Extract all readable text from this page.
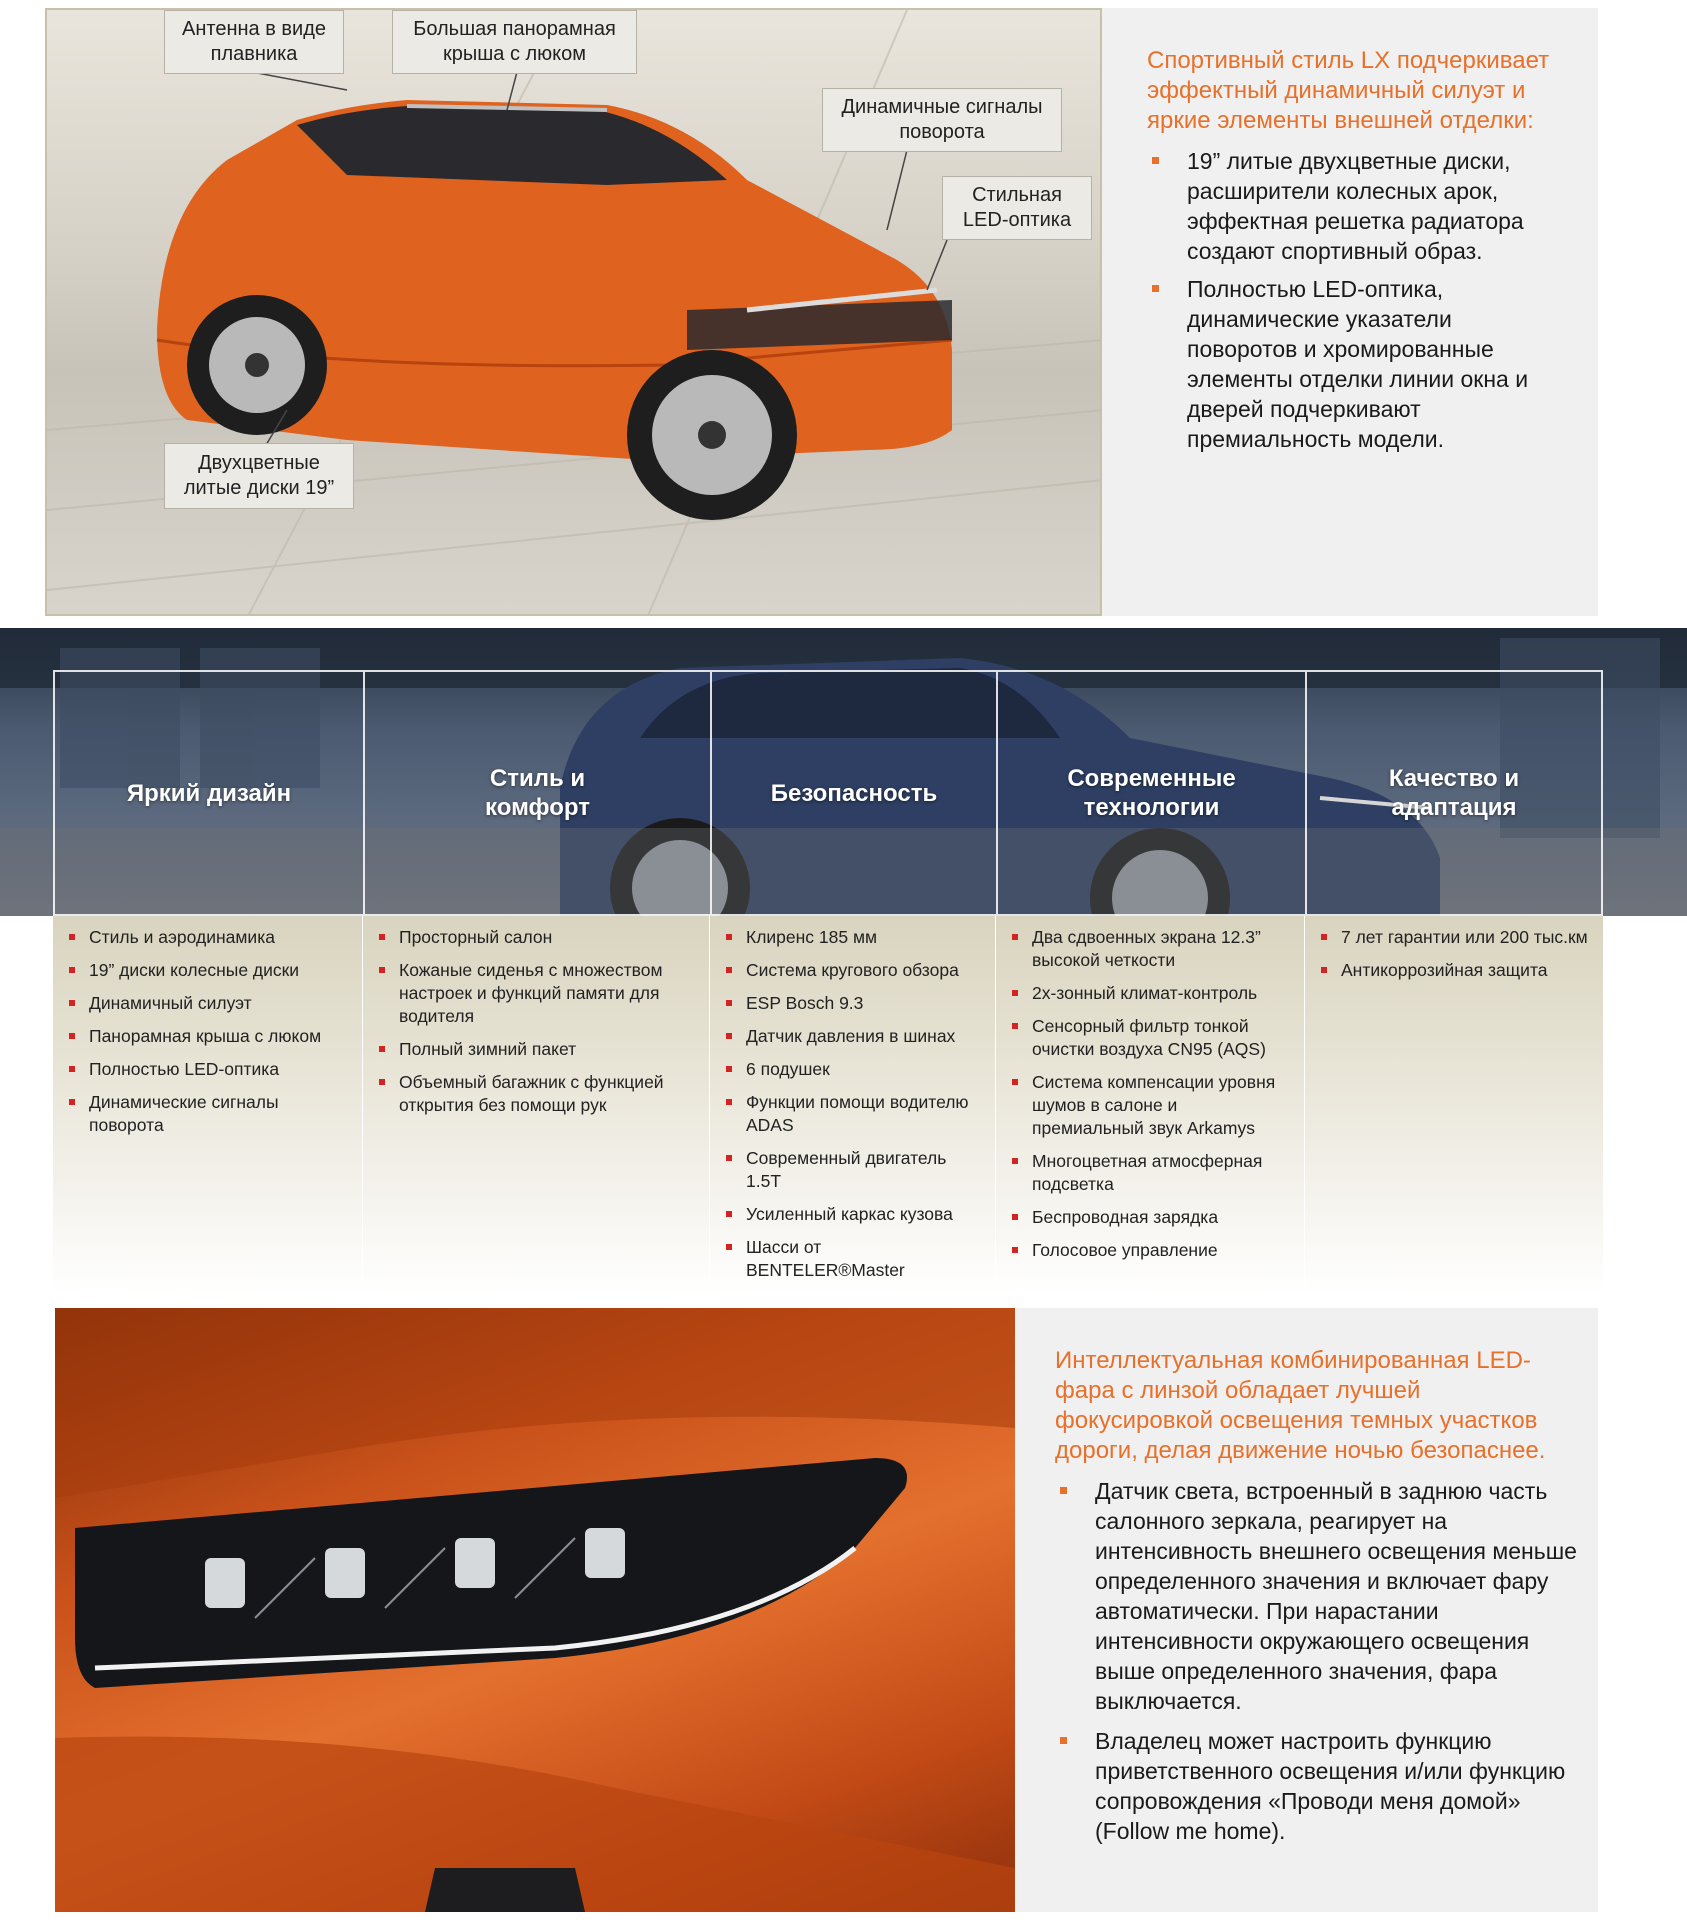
Антенна в виде плавника
Большая панорамная крыша с люком
Динамичные сигналы поворота
Стильная LED-оптика
Двухцветные литые диски 19”

Спортивный стиль LX подчеркивает эффектный динамичный силуэт и яркие элементы внешней отделки:

19” литые двухцветные диски, расширители колесных арок, эффектная решетка радиатора создают спортивный образ.
Полностью LED-оптика, динамические указатели поворотов и хромированные элементы отделки линии окна и дверей подчеркивают премиальность модели.
Яркий дизайн
Стиль и комфорт
Безопасность
Современные технологии
Качество и адаптация
Стиль и аэродинамика
19” диски колесные диски
Динамичный силуэт
Панорамная крыша с люком
Полностью LED-оптика
Динамические сигналы поворота
Просторный салон
Кожаные сиденья с множеством настроек и функций памяти для водителя
Полный зимний пакет
Объемный багажник с функцией открытия без помощи рук
Клиренс 185 мм
Система кругового обзора
ESP Bosch 9.3
Датчик давления в шинах
6 подушек
Функции помощи водителю ADAS
Современный двигатель 1.5T
Усиленный каркас кузова
Шасси от BENTELER®Master
Два сдвоенных экрана 12.3” высокой четкости
2х-зонный климат-контроль
Сенсорный фильтр тонкой очистки воздуха CN95 (AQS)
Система компенсации уровня шумов в салоне и премиальный звук Arkamys
Многоцветная атмосферная подсветка
Беспроводная зарядка
Голосовое управление
7 лет гарантии или 200 тыс.км
Антикоррозийная защита

Интеллектуальная комбинированная LED-фара с линзой обладает лучшей фокусировкой освещения темных участков дороги, делая движение ночью безопаснее.

Датчик света, встроенный в заднюю часть салонного зеркала, реагирует на интенсивность внешнего освещения меньше определенного значения и включает фару автоматически. При нарастании интенсивности окружающего освещения выше определенного значения, фара выключается.
Владелец может настроить функцию приветственного освещения и/или функцию сопровождения «Проводи меня домой» (Follow me home).
